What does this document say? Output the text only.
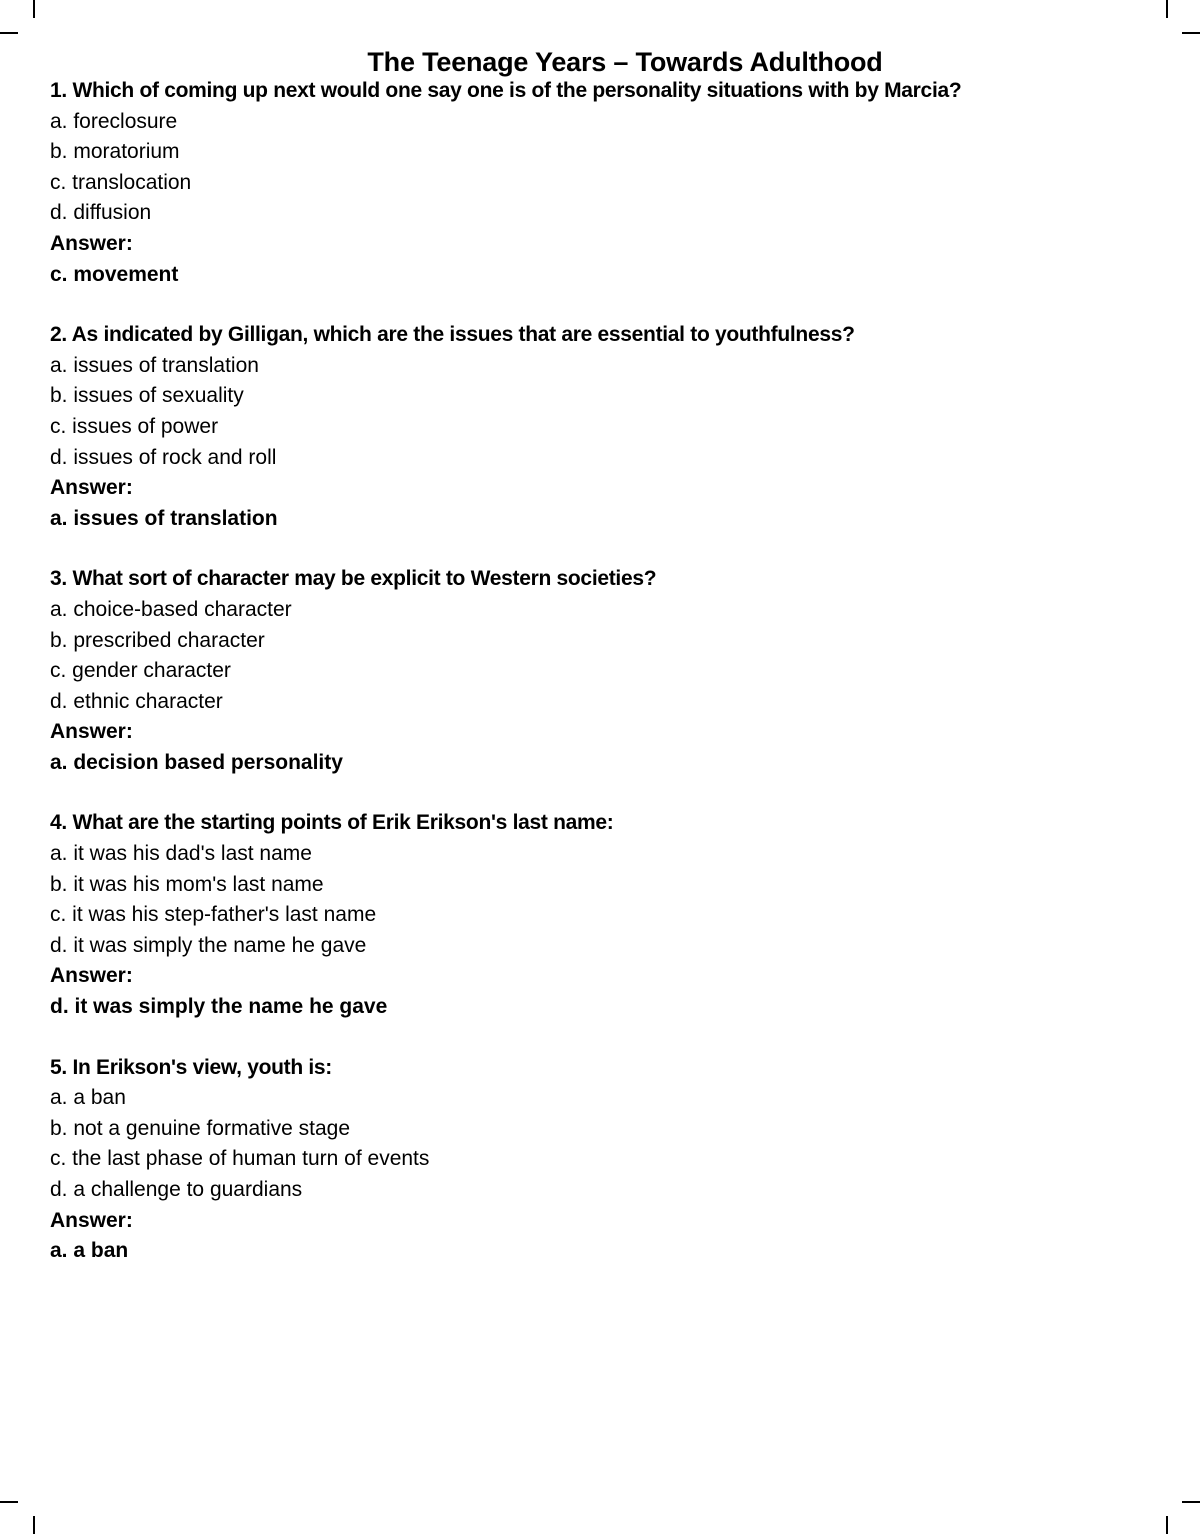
The Teenage Years – Towards Adulthood
1. Which of coming up next would one say one is of the personality situations with by Marcia?
a. foreclosure
b. moratorium
c. translocation
d. diffusion
Answer:
c. movement
2. As indicated by Gilligan, which are the issues that are essential to youthfulness?
a. issues of translation
b. issues of sexuality
c. issues of power
d. issues of rock and roll
Answer:
a. issues of translation
3. What sort of character may be explicit to Western societies?
a. choice-based character
b. prescribed character
c. gender character
d. ethnic character
Answer:
a. decision based personality
4. What are the starting points of Erik Erikson's last name:
a. it was his dad's last name
b. it was his mom's last name
c. it was his step-father's last name
d. it was simply the name he gave
Answer:
d. it was simply the name he gave
5. In Erikson's view, youth is:
a. a ban
b. not a genuine formative stage
c. the last phase of human turn of events
d. a challenge to guardians
Answer:
a. a ban
